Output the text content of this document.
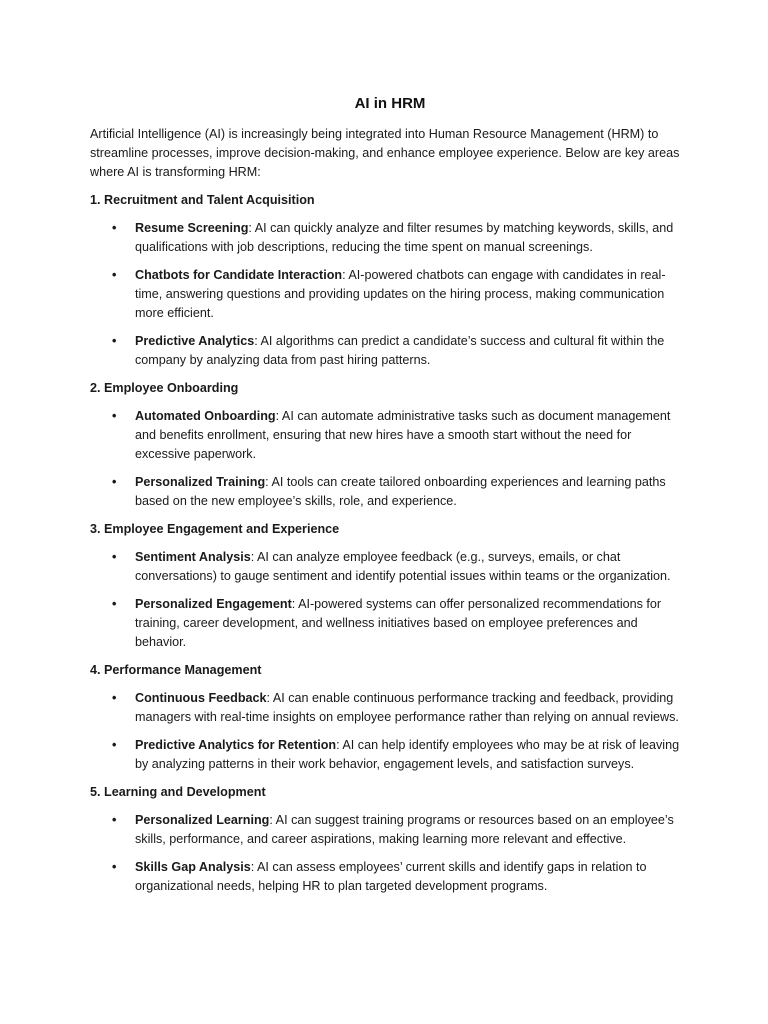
AI in HRM

Artificial Intelligence (AI) is increasingly being integrated into Human Resource Management (HRM) to streamline processes, improve decision-making, and enhance employee experience. Below are key areas where AI is transforming HRM:

1. Recruitment and Talent Acquisition

• Resume Screening: AI can quickly analyze and filter resumes by matching keywords, skills, and qualifications with job descriptions, reducing the time spent on manual screenings.
• Chatbots for Candidate Interaction: AI-powered chatbots can engage with candidates in real-time, answering questions and providing updates on the hiring process, making communication more efficient.
• Predictive Analytics: AI algorithms can predict a candidate’s success and cultural fit within the company by analyzing data from past hiring patterns.

2. Employee Onboarding

• Automated Onboarding: AI can automate administrative tasks such as document management and benefits enrollment, ensuring that new hires have a smooth start without the need for excessive paperwork.
• Personalized Training: AI tools can create tailored onboarding experiences and learning paths based on the new employee’s skills, role, and experience.

3. Employee Engagement and Experience

• Sentiment Analysis: AI can analyze employee feedback (e.g., surveys, emails, or chat conversations) to gauge sentiment and identify potential issues within teams or the organization.
• Personalized Engagement: AI-powered systems can offer personalized recommendations for training, career development, and wellness initiatives based on employee preferences and behavior.

4. Performance Management

• Continuous Feedback: AI can enable continuous performance tracking and feedback, providing managers with real-time insights on employee performance rather than relying on annual reviews.
• Predictive Analytics for Retention: AI can help identify employees who may be at risk of leaving by analyzing patterns in their work behavior, engagement levels, and satisfaction surveys.

5. Learning and Development

• Personalized Learning: AI can suggest training programs or resources based on an employee’s skills, performance, and career aspirations, making learning more relevant and effective.
• Skills Gap Analysis: AI can assess employees’ current skills and identify gaps in relation to organizational needs, helping HR to plan targeted development programs.
